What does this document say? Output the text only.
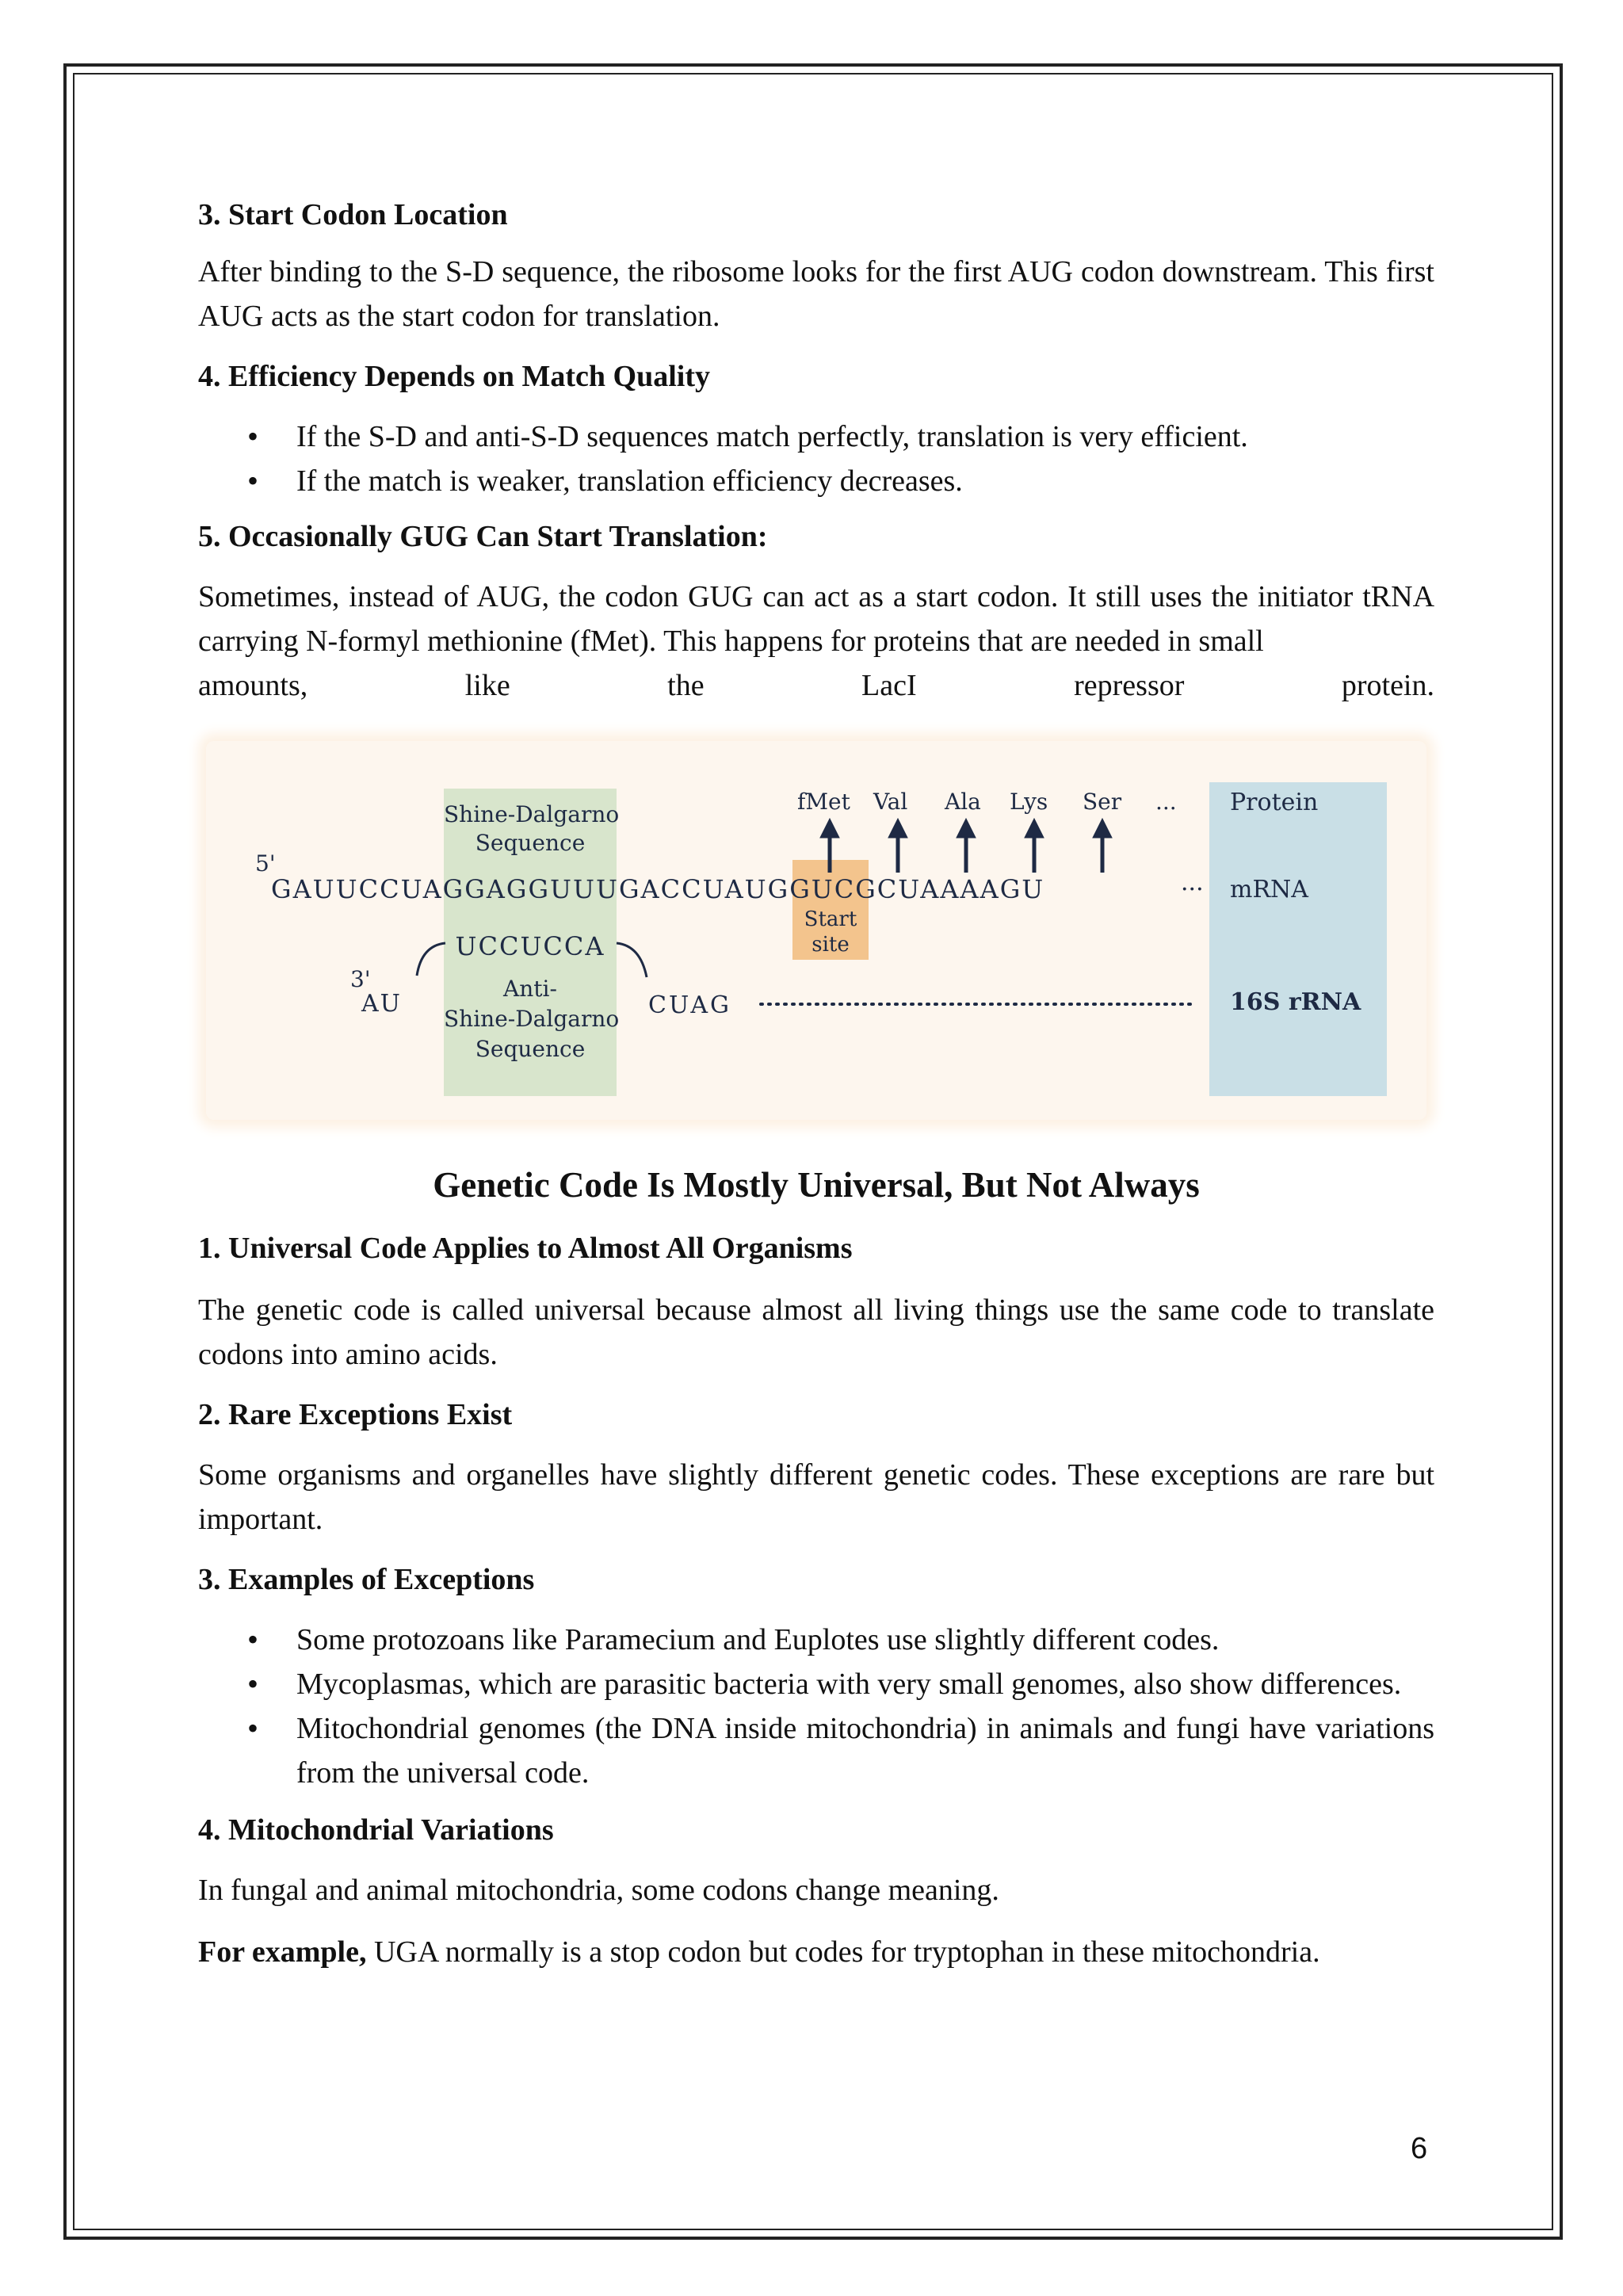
3. Start Codon Location

After binding to the S-D sequence, the ribosome looks for the first AUG codon downstream. This first AUG acts as the start codon for translation.

4. Efficiency Depends on Match Quality

• If the S-D and anti-S-D sequences match perfectly, translation is very efficient.
• If the match is weaker, translation efficiency decreases.

5. Occasionally GUG Can Start Translation:

Sometimes, instead of AUG, the codon GUG can act as a start codon. It still uses the initiator tRNA carrying N-formyl methionine (fMet). This happens for proteins that are needed in small

amounts, like the LacI repressor protein.

Shine-Dalgarno
Sequence
5'
GAUUCCUAGGAGGUUUGACCUAUGGUCGCUAAAAGU	···
Start
site
fMet Val Ala Lys Ser ...
UCCUCCA
3'
AU	CUAG
Anti-
Shine-Dalgarno
Sequence
Protein
mRNA
16S rRNA

Genetic Code Is Mostly Universal, But Not Always

1. Universal Code Applies to Almost All Organisms

The genetic code is called universal because almost all living things use the same code to translate codons into amino acids.

2. Rare Exceptions Exist

Some organisms and organelles have slightly different genetic codes. These exceptions are rare but important.

3. Examples of Exceptions

• Some protozoans like Paramecium and Euplotes use slightly different codes.
• Mycoplasmas, which are parasitic bacteria with very small genomes, also show differences.
• Mitochondrial genomes (the DNA inside mitochondria) in animals and fungi have variations from the universal code.

4. Mitochondrial Variations

In fungal and animal mitochondria, some codons change meaning.

For example, UGA normally is a stop codon but codes for tryptophan in these mitochondria.

6
